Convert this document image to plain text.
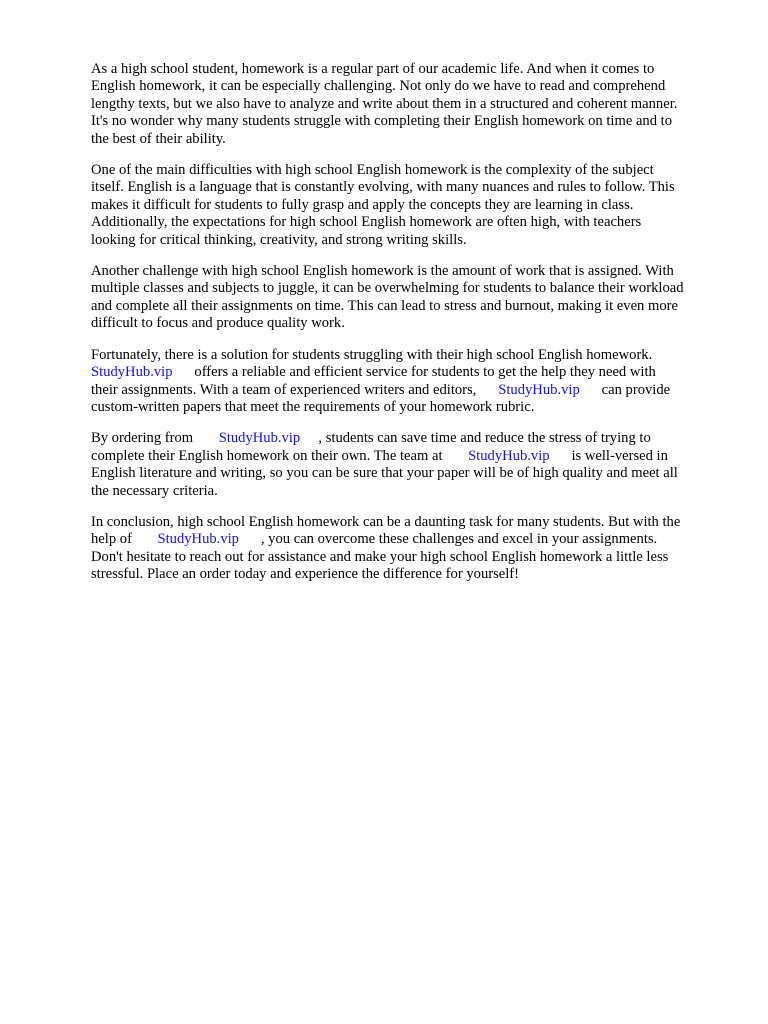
As a high school student, homework is a regular part of our academic life. And when it comes to
English homework, it can be especially challenging. Not only do we have to read and comprehend
lengthy texts, but we also have to analyze and write about them in a structured and coherent manner.
It's no wonder why many students struggle with completing their English homework on time and to
the best of their ability.

One of the main difficulties with high school English homework is the complexity of the subject
itself. English is a language that is constantly evolving, with many nuances and rules to follow. This
makes it difficult for students to fully grasp and apply the concepts they are learning in class.
Additionally, the expectations for high school English homework are often high, with teachers
looking for critical thinking, creativity, and strong writing skills.

Another challenge with high school English homework is the amount of work that is assigned. With
multiple classes and subjects to juggle, it can be overwhelming for students to balance their workload
and complete all their assignments on time. This can lead to stress and burnout, making it even more
difficult to focus and produce quality work.

Fortunately, there is a solution for students struggling with their high school English homework.
StudyHub.vip      offers a reliable and efficient service for students to get the help they need with
their assignments. With a team of experienced writers and editors,      StudyHub.vip      can provide
custom-written papers that meet the requirements of your homework rubric.

By ordering from       StudyHub.vip     , students can save time and reduce the stress of trying to
complete their English homework on their own. The team at       StudyHub.vip      is well-versed in
English literature and writing, so you can be sure that your paper will be of high quality and meet all
the necessary criteria.

In conclusion, high school English homework can be a daunting task for many students. But with the
help of       StudyHub.vip      , you can overcome these challenges and excel in your assignments.
Don't hesitate to reach out for assistance and make your high school English homework a little less
stressful. Place an order today and experience the difference for yourself!
